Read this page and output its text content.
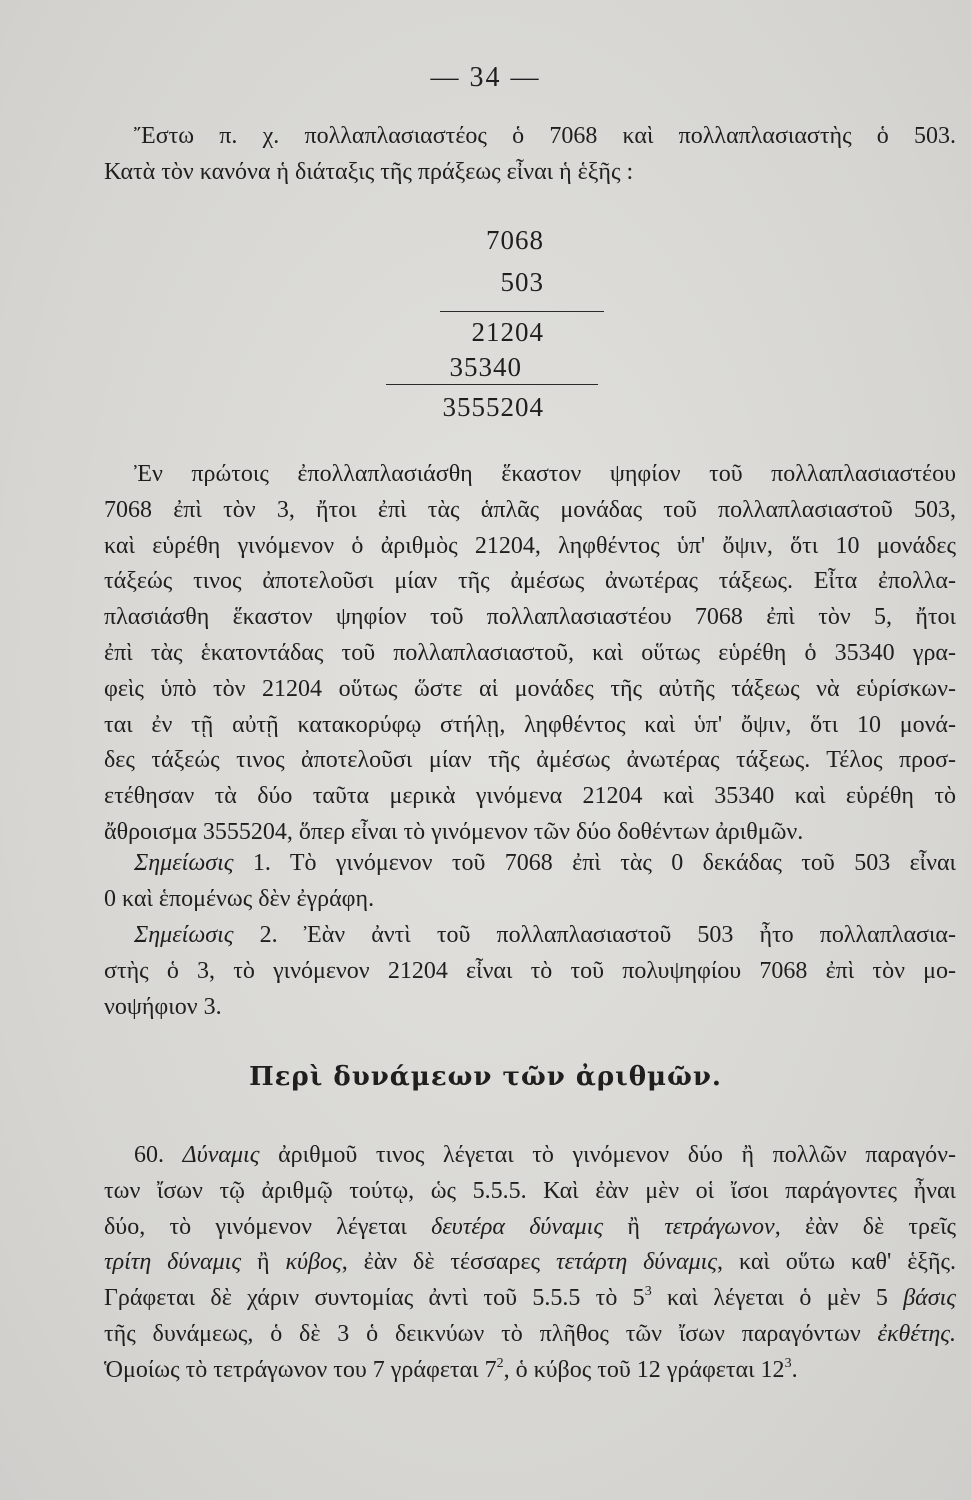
— 34 —
Ἔστω π. χ. πολλαπλασιαστέος ὁ 7068 καὶ πολλαπλασιαστὴς ὁ 503.
Κατὰ τὸν κανόνα ἡ διάταξις τῆς πράξεως εἶναι ἡ ἑξῆς :
7068
503
21204
35340
3555204
Ἐν πρώτοις ἐπολλαπλασιάσθη ἕκαστον ψηφίον τοῦ πολλαπλασιαστέου
7068 ἐπὶ τὸν 3, ἤτοι ἐπὶ τὰς ἁπλᾶς μονάδας τοῦ πολλαπλασιαστοῦ 503,
καὶ εὑρέθη γινόμενον ὁ ἀριθμὸς 21204, ληφθέντος ὑπ' ὄψιν, ὅτι 10 μονάδες
τάξεώς τινος ἀποτελοῦσι μίαν τῆς ἀμέσως ἀνωτέρας τάξεως. Εἶτα ἐπολλα-
πλασιάσθη ἕκαστον ψηφίον τοῦ πολλαπλασιαστέου 7068 ἐπὶ τὸν 5, ἤτοι
ἐπὶ τὰς ἑκατοντάδας τοῦ πολλαπλασιαστοῦ, καὶ οὕτως εὑρέθη ὁ 35340 γρα-
φεὶς ὑπὸ τὸν 21204 οὕτως ὥστε αἱ μονάδες τῆς αὐτῆς τάξεως νὰ εὑρίσκων-
ται ἐν τῇ αὐτῇ κατακορύφῳ στήλῃ, ληφθέντος καὶ ὑπ' ὄψιν, ὅτι 10 μονά-
δες τάξεώς τινος ἀποτελοῦσι μίαν τῆς ἀμέσως ἀνωτέρας τάξεως. Τέλος προσ-
ετέθησαν τὰ δύο ταῦτα μερικὰ γινόμενα 21204 καὶ 35340 καὶ εὑρέθη τὸ
ἄθροισμα 3555204, ὅπερ εἶναι τὸ γινόμενον τῶν δύο δοθέντων ἀριθμῶν.
Σημείωσις 1. Τὸ γινόμενον τοῦ 7068 ἐπὶ τὰς 0 δεκάδας τοῦ 503 εἶναι
0 καὶ ἑπομένως δὲν ἐγράφη.
Σημείωσις 2. Ἐὰν ἀντὶ τοῦ πολλαπλασιαστοῦ 503 ἦτο πολλαπλασια-
στὴς ὁ 3, τὸ γινόμενον 21204 εἶναι τὸ τοῦ πολυψηφίου 7068 ἐπὶ τὸν μο-
νοψήφιον 3.
Περὶ δυνάμεων τῶν ἀριθμῶν.
60. Δύναμις ἀριθμοῦ τινος λέγεται τὸ γινόμενον δύο ἢ πολλῶν παραγόν-
των ἴσων τῷ ἀριθμῷ τούτῳ, ὡς 5.5.5. Καὶ ἐὰν μὲν οἱ ἴσοι παράγοντες ἦναι
δύο, τὸ γινόμενον λέγεται δευτέρα δύναμις ἢ τετράγωνον, ἐὰν δὲ τρεῖς
τρίτη δύναμις ἢ κύβος, ἐὰν δὲ τέσσαρες τετάρτη δύναμις, καὶ οὕτω καθ' ἑξῆς.
Γράφεται δὲ χάριν συντομίας ἀντὶ τοῦ 5.5.5 τὸ $5^3$ καὶ λέγεται ὁ μὲν 5 βάσις
τῆς δυνάμεως, ὁ δὲ 3 ὁ δεικνύων τὸ πλῆθος τῶν ἴσων παραγόντων ἐκθέτης.
Ὁμοίως τὸ τετράγωνον του 7 γράφεται $7^2$, ὁ κύβος τοῦ 12 γράφεται $12^3$.
